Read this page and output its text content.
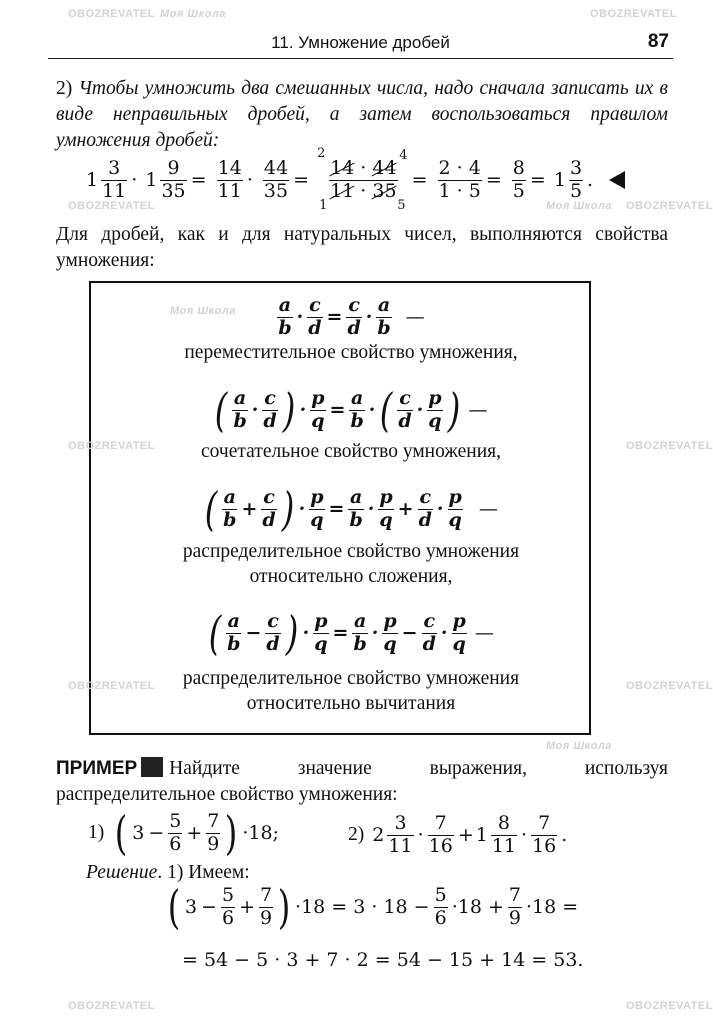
11. Умножение дробей	87
2) Чтобы умножить два смешанных числа, надо сначала записать их в виде неправильных дробей, а затем воспользоваться правилом умножения дробей:
$1 \frac{3}{11} \cdot 1 \frac{9}{35} = \frac{14}{11} \cdot \frac{44}{35}$ =
14 · 44
11 · 35
2	4
1	5
= $\frac{2 \cdot 4}{1 \cdot 5} = \frac{8}{5} = 1 \frac{3}{5}$ .
Для дробей, как и для натуральных чисел, выполняются свойства умножения:
$\frac{a}{b} \cdot \frac{c}{d} = \frac{c}{d} \cdot \frac{a}{b}$ —
переместительное свойство умножения,
( $\frac{a}{b} \cdot \frac{c}{d}$ ) · $\frac{p}{q} = \frac{a}{b}$ · ( $\frac{c}{d} \cdot \frac{p}{q}$ ) —
сочетательное свойство умножения,
( $\frac{a}{b} + \frac{c}{d}$ ) · $\frac{p}{q} = \frac{a}{b} \cdot \frac{p}{q} + \frac{c}{d} \cdot \frac{p}{q}$ —
распределительное свойство умножения
относительно сложения,
( $\frac{a}{b} - \frac{c}{d}$ ) · $\frac{p}{q} = \frac{a}{b} \cdot \frac{p}{q} - \frac{c}{d} \cdot \frac{p}{q}$ —
распределительное свойство умножения
относительно вычитания
ПРИМЕР Найдите значение выражения, используя распределительное свойство умножения:
1) ( $3 - \frac{5}{6} + \frac{7}{9}$ ) ·18;	2) $2 \frac{3}{11} \cdot \frac{7}{16} + 1 \frac{8}{11} \cdot \frac{7}{16}$ .
Решение. 1) Имеем:
( $3 - \frac{5}{6} + \frac{7}{9}$ ) $\cdot 18 = 3 \cdot 18 - \frac{5}{6} \cdot 18 + \frac{7}{9} \cdot 18$ =
= 54 − 5 · 3 + 7 · 2 = 54 − 15 + 14 = 53.
OBOZREVATEL	OBOZREVATEL
OBOZREVATEL	OBOZREVATEL
OBOZREVATEL	OBOZREVATEL
OBOZREVATEL	OBOZREVATEL
OBOZREVATEL	OBOZREVATEL
Моя Школа
Моя Школа
Моя Школа
Моя Школа
